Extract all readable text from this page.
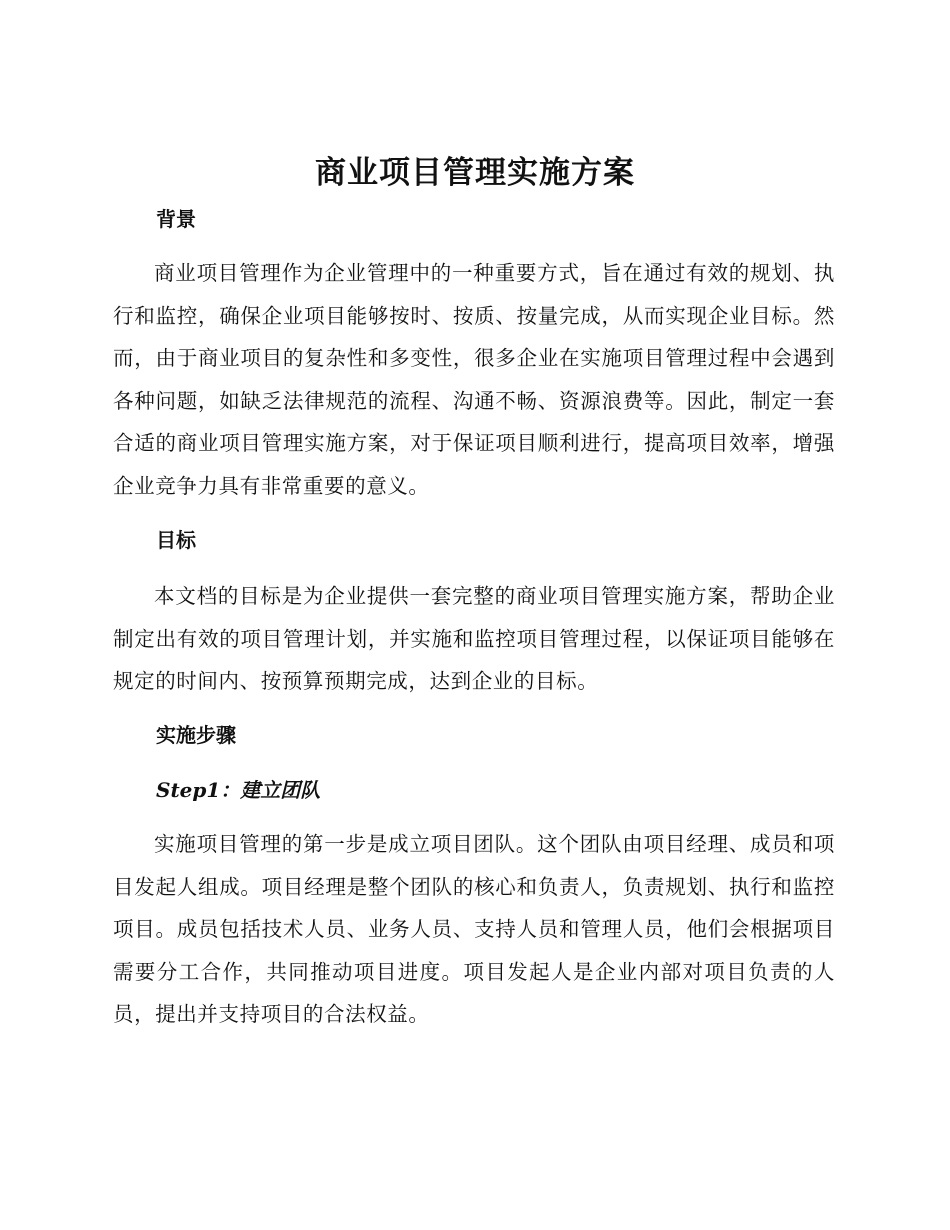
商业项目管理实施方案
背景

商业项目管理作为企业管理中的一种重要方式，旨在通过有效的规划、执行和监控，确保企业项目能够按时、按质、按量完成，从而实现企业目标。然而，由于商业项目的复杂性和多变性，很多企业在实施项目管理过程中会遇到各种问题，如缺乏法律规范的流程、沟通不畅、资源浪费等。因此，制定一套合适的商业项目管理实施方案，对于保证项目顺利进行，提高项目效率，增强企业竞争力具有非常重要的意义。

目标

本文档的目标是为企业提供一套完整的商业项目管理实施方案，帮助企业制定出有效的项目管理计划，并实施和监控项目管理过程，以保证项目能够在规定的时间内、按预算预期完成，达到企业的目标。

实施步骤
Step1：建立团队

实施项目管理的第一步是成立项目团队。这个团队由项目经理、成员和项目发起人组成。项目经理是整个团队的核心和负责人，负责规划、执行和监控项目。成员包括技术人员、业务人员、支持人员和管理人员，他们会根据项目需要分工合作，共同推动项目进度。项目发起人是企业内部对项目负责的人员，提出并支持项目的合法权益。
